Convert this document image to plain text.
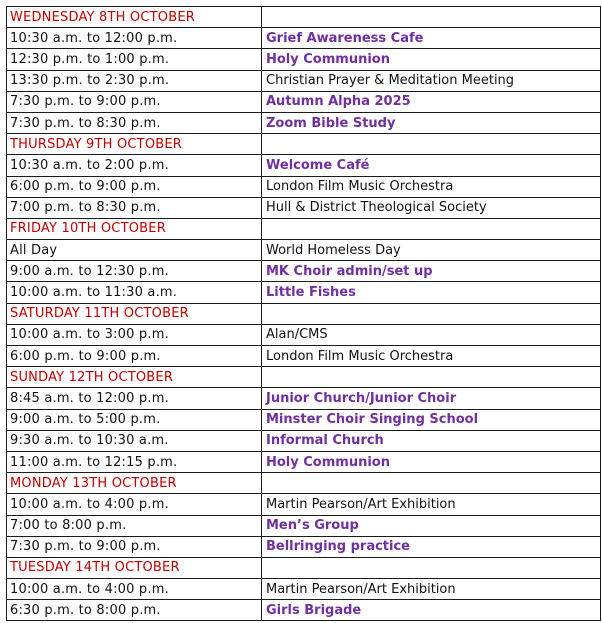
WEDNESDAY 8TH OCTOBER	
10:30 a.m. to 12:00 p.m.	Grief Awareness Cafe
12:30 p.m. to 1:00 p.m.	Holy Communion
13:30 p.m. to 2:30 p.m.	Christian Prayer & Meditation Meeting
7:30 p.m. to 9:00 p.m.	Autumn Alpha 2025
7:30 p.m. to 8:30 p.m.	Zoom Bible Study
THURSDAY 9TH OCTOBER	
10:30 a.m. to 2:00 p.m.	Welcome Café
6:00 p.m. to 9:00 p.m.	London Film Music Orchestra
7:00 p.m. to 8:30 p.m.	Hull & District Theological Society
FRIDAY 10TH OCTOBER	
All Day	World Homeless Day
9:00 a.m. to 12:30 p.m.	MK Choir admin/set up
10:00 a.m. to 11:30 a.m.	Little Fishes
SATURDAY 11TH OCTOBER	
10:00 a.m. to 3:00 p.m.	Alan/CMS
6:00 p.m. to 9:00 p.m.	London Film Music Orchestra
SUNDAY 12TH OCTOBER	
8:45 a.m. to 12:00 p.m.	Junior Church/Junior Choir
9:00 a.m. to 5:00 p.m.	Minster Choir Singing School
9:30 a.m. to 10:30 a.m.	Informal Church
11:00 a.m. to 12:15 p.m.	Holy Communion
MONDAY 13TH OCTOBER	
10:00 a.m. to 4:00 p.m.	Martin Pearson/Art Exhibition
7:00 to 8:00 p.m.	Men’s Group
7:30 p.m. to 9:00 p.m.	Bellringing practice
TUESDAY 14TH OCTOBER	
10:00 a.m. to 4:00 p.m.	Martin Pearson/Art Exhibition
6:30 p.m. to 8:00 p.m.	Girls Brigade
